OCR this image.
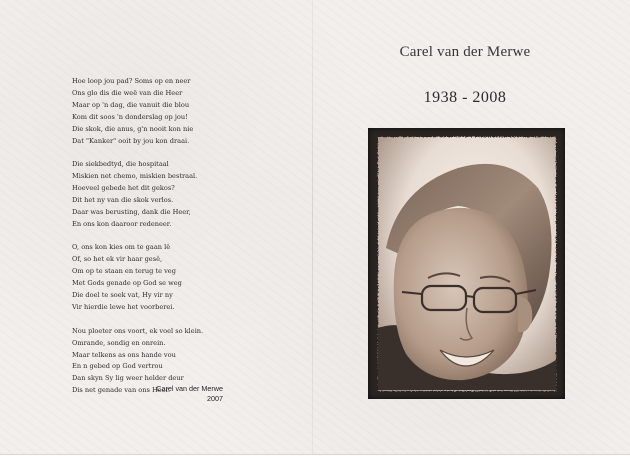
Hoe loop jou pad? Soms op en neer
Ons glo dis die weë van die Heer
Maar op 'n dag, die vanuit die blou
Kom dit soos 'n donderslag op jou!
Die skok, die anus, g'n nooit kon nie
Dat "Kanker" ooit by jou kon draai.
Die siekbedtyd, die hospitaal
Miskien net chemo, miskien bestraal.
Hoeveel gebede het dit gekos?
Dit het ny van die skok verlos.
Daar was berusting, dank die Heer,
En ons kon daaroor redeneer.
O, ons kon kies om te gaan lê
Of, so het ek vir haar gesê,
Om op te staan en terug te veg
Met Gods genade op God se weg
Die doel te soek vat, Hy vir ny
Vir hierdie lewe het voorberei.
Nou ploeter ons voort, ek voel so klein.
Omrande, sondig en onrein.
Maar telkens as ons hande vou
En n gebed op God vertrou
Dan skyn Sy lig weer helder deur
Dis net genade van ons Heer.
Carel van der Merwe
2007
Carel van der Merwe
1938 - 2008
